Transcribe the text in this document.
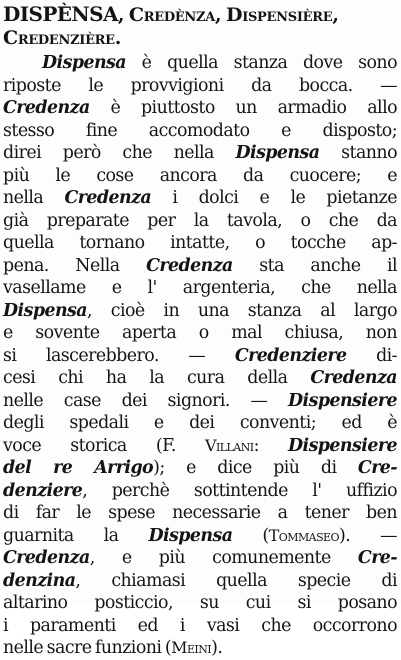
DISPÈNSA, Credènza, Dispensière,
Credenzière.
Dispensa è quella stanza dove sono
riposte le provvigioni da bocca. —
Credenza è piuttosto un armadio allo
stesso fine accomodato e disposto;
direi però che nella Dispensa stanno
più le cose ancora da cuocere; e
nella Credenza i dolci e le pietanze
già preparate per la tavola, o che da
quella tornano intatte, o tocche ap-
pena. Nella Credenza sta anche il
vasellame e l' argenteria, che nella
Dispensa, cioè in una stanza al largo
e sovente aperta o mal chiusa, non
si lascerebbero. — Credenziere di-
cesi chi ha la cura della Credenza
nelle case dei signori. — Dispensiere
degli spedali e dei conventi; ed è
voce storica (F. Villani: Dispensiere
del re Arrigo); e dice più di Cre-
denziere, perchè sottintende l' uffizio
di far le spese necessarie a tener ben
guarnita la Dispensa (Tommaseo). —
Credenza, e più comunemente Cre-
denzina, chiamasi quella specie di
altarino posticcio, su cui si posano
i paramenti ed i vasi che occorrono
nelle sacre funzioni (Meini).
